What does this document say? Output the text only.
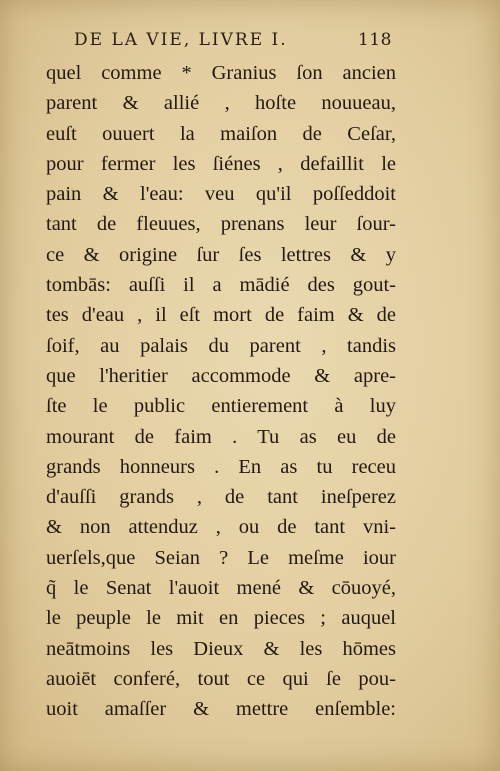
DE LA VIE, LIVRE I.	118
quel comme * Granius ſon ancien
parent & allié , hoſte nouueau,
euſt ouuert la maiſon de Ceſar,
pour fermer les ſiénes , defaillit le
pain & l'eau: veu qu'il poſſeddoit
tant de fleuues, prenans leur ſour-
ce & origine ſur ſes lettres & y
tombās: auſſi il a mādié des gout-
tes d'eau , il eſt mort de faim & de
ſoif, au palais du parent , tandis
que l'heritier accommode & apre-
ſte le public entierement à luy
mourant de faim . Tu as eu de
grands honneurs . En as tu receu
d'auſſi grands , de tant ineſperez
& non attenduz , ou de tant vni-
uerſels,que Seian ? Le meſme iour
q̃ le Senat l'auoit mené & cōuoyé,
le peuple le mit en pieces ; auquel
neātmoins les Dieux & les hōmes
auoiēt conferé, tout ce qui ſe pou-
uoit amaſſer & mettre enſemble:
